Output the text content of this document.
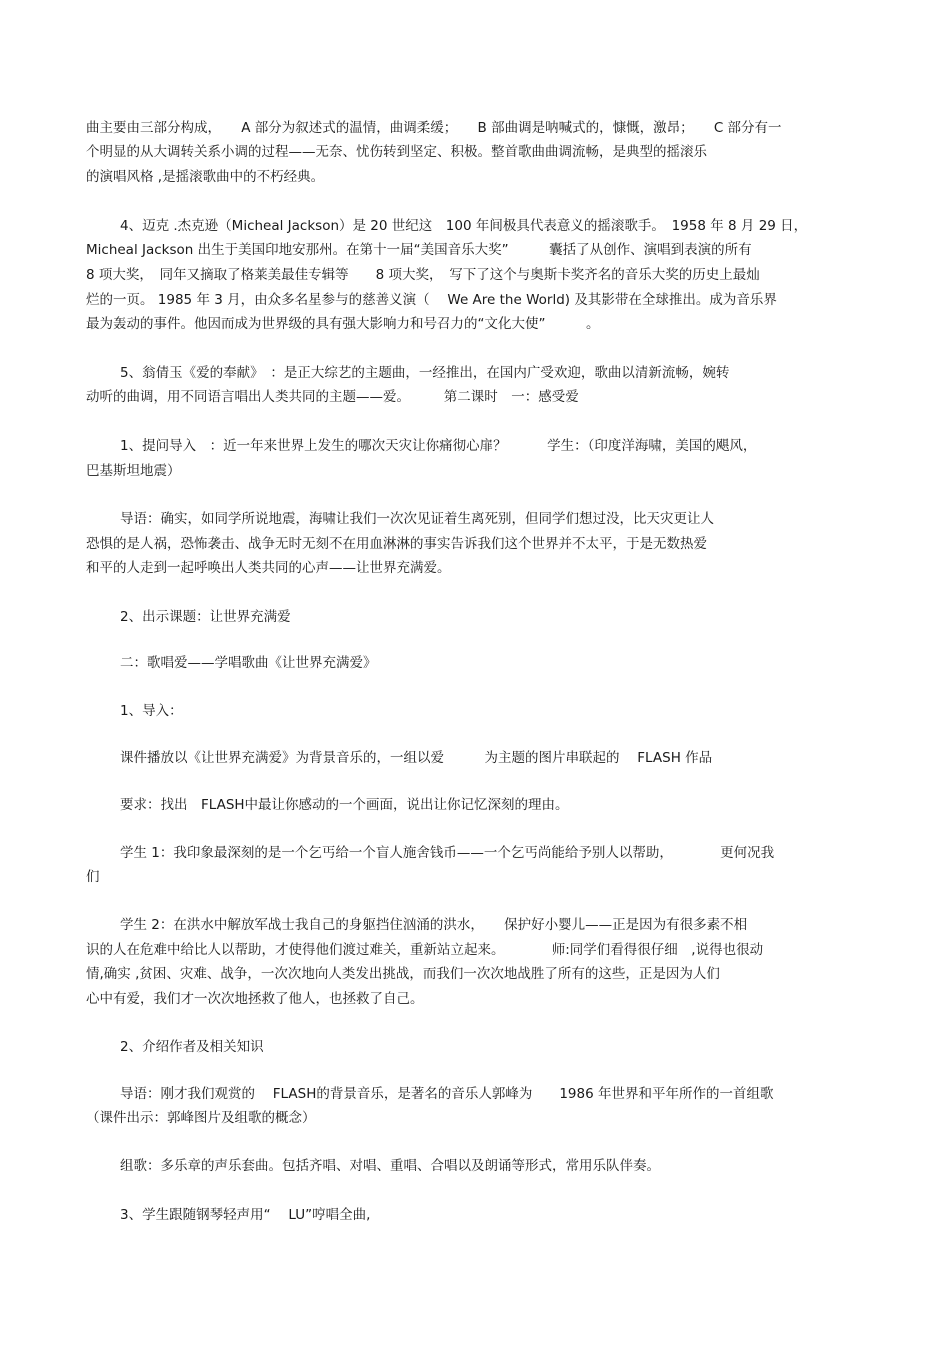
曲主要由三部分构成，　　A 部分为叙述式的温情，曲调柔缓；　　B 部曲调是呐喊式的，慷慨，激昂；　　C 部分有一
个明显的从大调转关系小调的过程——无奈、忧伤转到坚定、积极。整首歌曲曲调流畅，是典型的摇滚乐
的演唱风格 ,是摇滚歌曲中的不朽经典。
4、迈克 .杰克逊（Micheal Jackson）是 20 世纪这　100 年间极具代表意义的摇滚歌手。　1958 年 8 月 29 日，
Micheal Jackson 出生于美国印地安那州。在第十一届“美国音乐大奖”　　　囊括了从创作、演唱到表演的所有
8 项大奖，　同年又摘取了格莱美最佳专辑等　　8 项大奖，　写下了这个与奥斯卡奖齐名的音乐大奖的历史上最灿
烂的一页。 1985 年 3 月，由众多名星参与的慈善义演（　 We Are the World) 及其影带在全球推出。成为音乐界
最为轰动的事件。他因而成为世界级的具有强大影响力和号召力的“文化大使”　　　。
5、翁倩玉《爱的奉献》　：是正大综艺的主题曲，一经推出，在国内广受欢迎，歌曲以清新流畅，婉转
动听的曲调，用不同语言唱出人类共同的主题——爱。　　　第二课时　一：感受爱
1、提问导入　：近一年来世界上发生的哪次天灾让你痛彻心扉？　　　学生：（印度洋海啸，美国的飓风，
巴基斯坦地震）
导语：确实，如同学所说地震，海啸让我们一次次见证着生离死别，但同学们想过没，比天灾更让人
恐惧的是人祸，恐怖袭击、战争无时无刻不在用血淋淋的事实告诉我们这个世界并不太平，于是无数热爱
和平的人走到一起呼唤出人类共同的心声——让世界充满爱。
2、出示课题：让世界充满爱
二：歌唱爱——学唱歌曲《让世界充满爱》
1、导入：
课件播放以《让世界充满爱》为背景音乐的，一组以爱　　　为主题的图片串联起的　 FLASH 作品
要求：找出　FLASH中最让你感动的一个画面，说出让你记忆深刻的理由。
学生 1：我印象最深刻的是一个乞丐给一个盲人施舍钱币——一个乞丐尚能给予别人以帮助，　　　　更何况我
们
学生 2：在洪水中解放军战士我自己的身躯挡住汹涌的洪水，　　保护好小婴儿——正是因为有很多素不相
识的人在危难中给比人以帮助，才使得他们渡过难关，重新站立起来。　　　　师:同学们看得很仔细　,说得也很动
情,确实 ,贫困、灾难、战争，一次次地向人类发出挑战，而我们一次次地战胜了所有的这些，正是因为人们
心中有爱，我们才一次次地拯救了他人，也拯救了自己。
2、介绍作者及相关知识
导语：刚才我们观赏的　 FLASH的背景音乐，是著名的音乐人郭峰为　　1986 年世界和平年所作的一首组歌
（课件出示：郭峰图片及组歌的概念）
组歌：多乐章的声乐套曲。包括齐唱、对唱、重唱、合唱以及朗诵等形式，常用乐队伴奏。
3、学生跟随钢琴轻声用“　 LU”哼唱全曲,
